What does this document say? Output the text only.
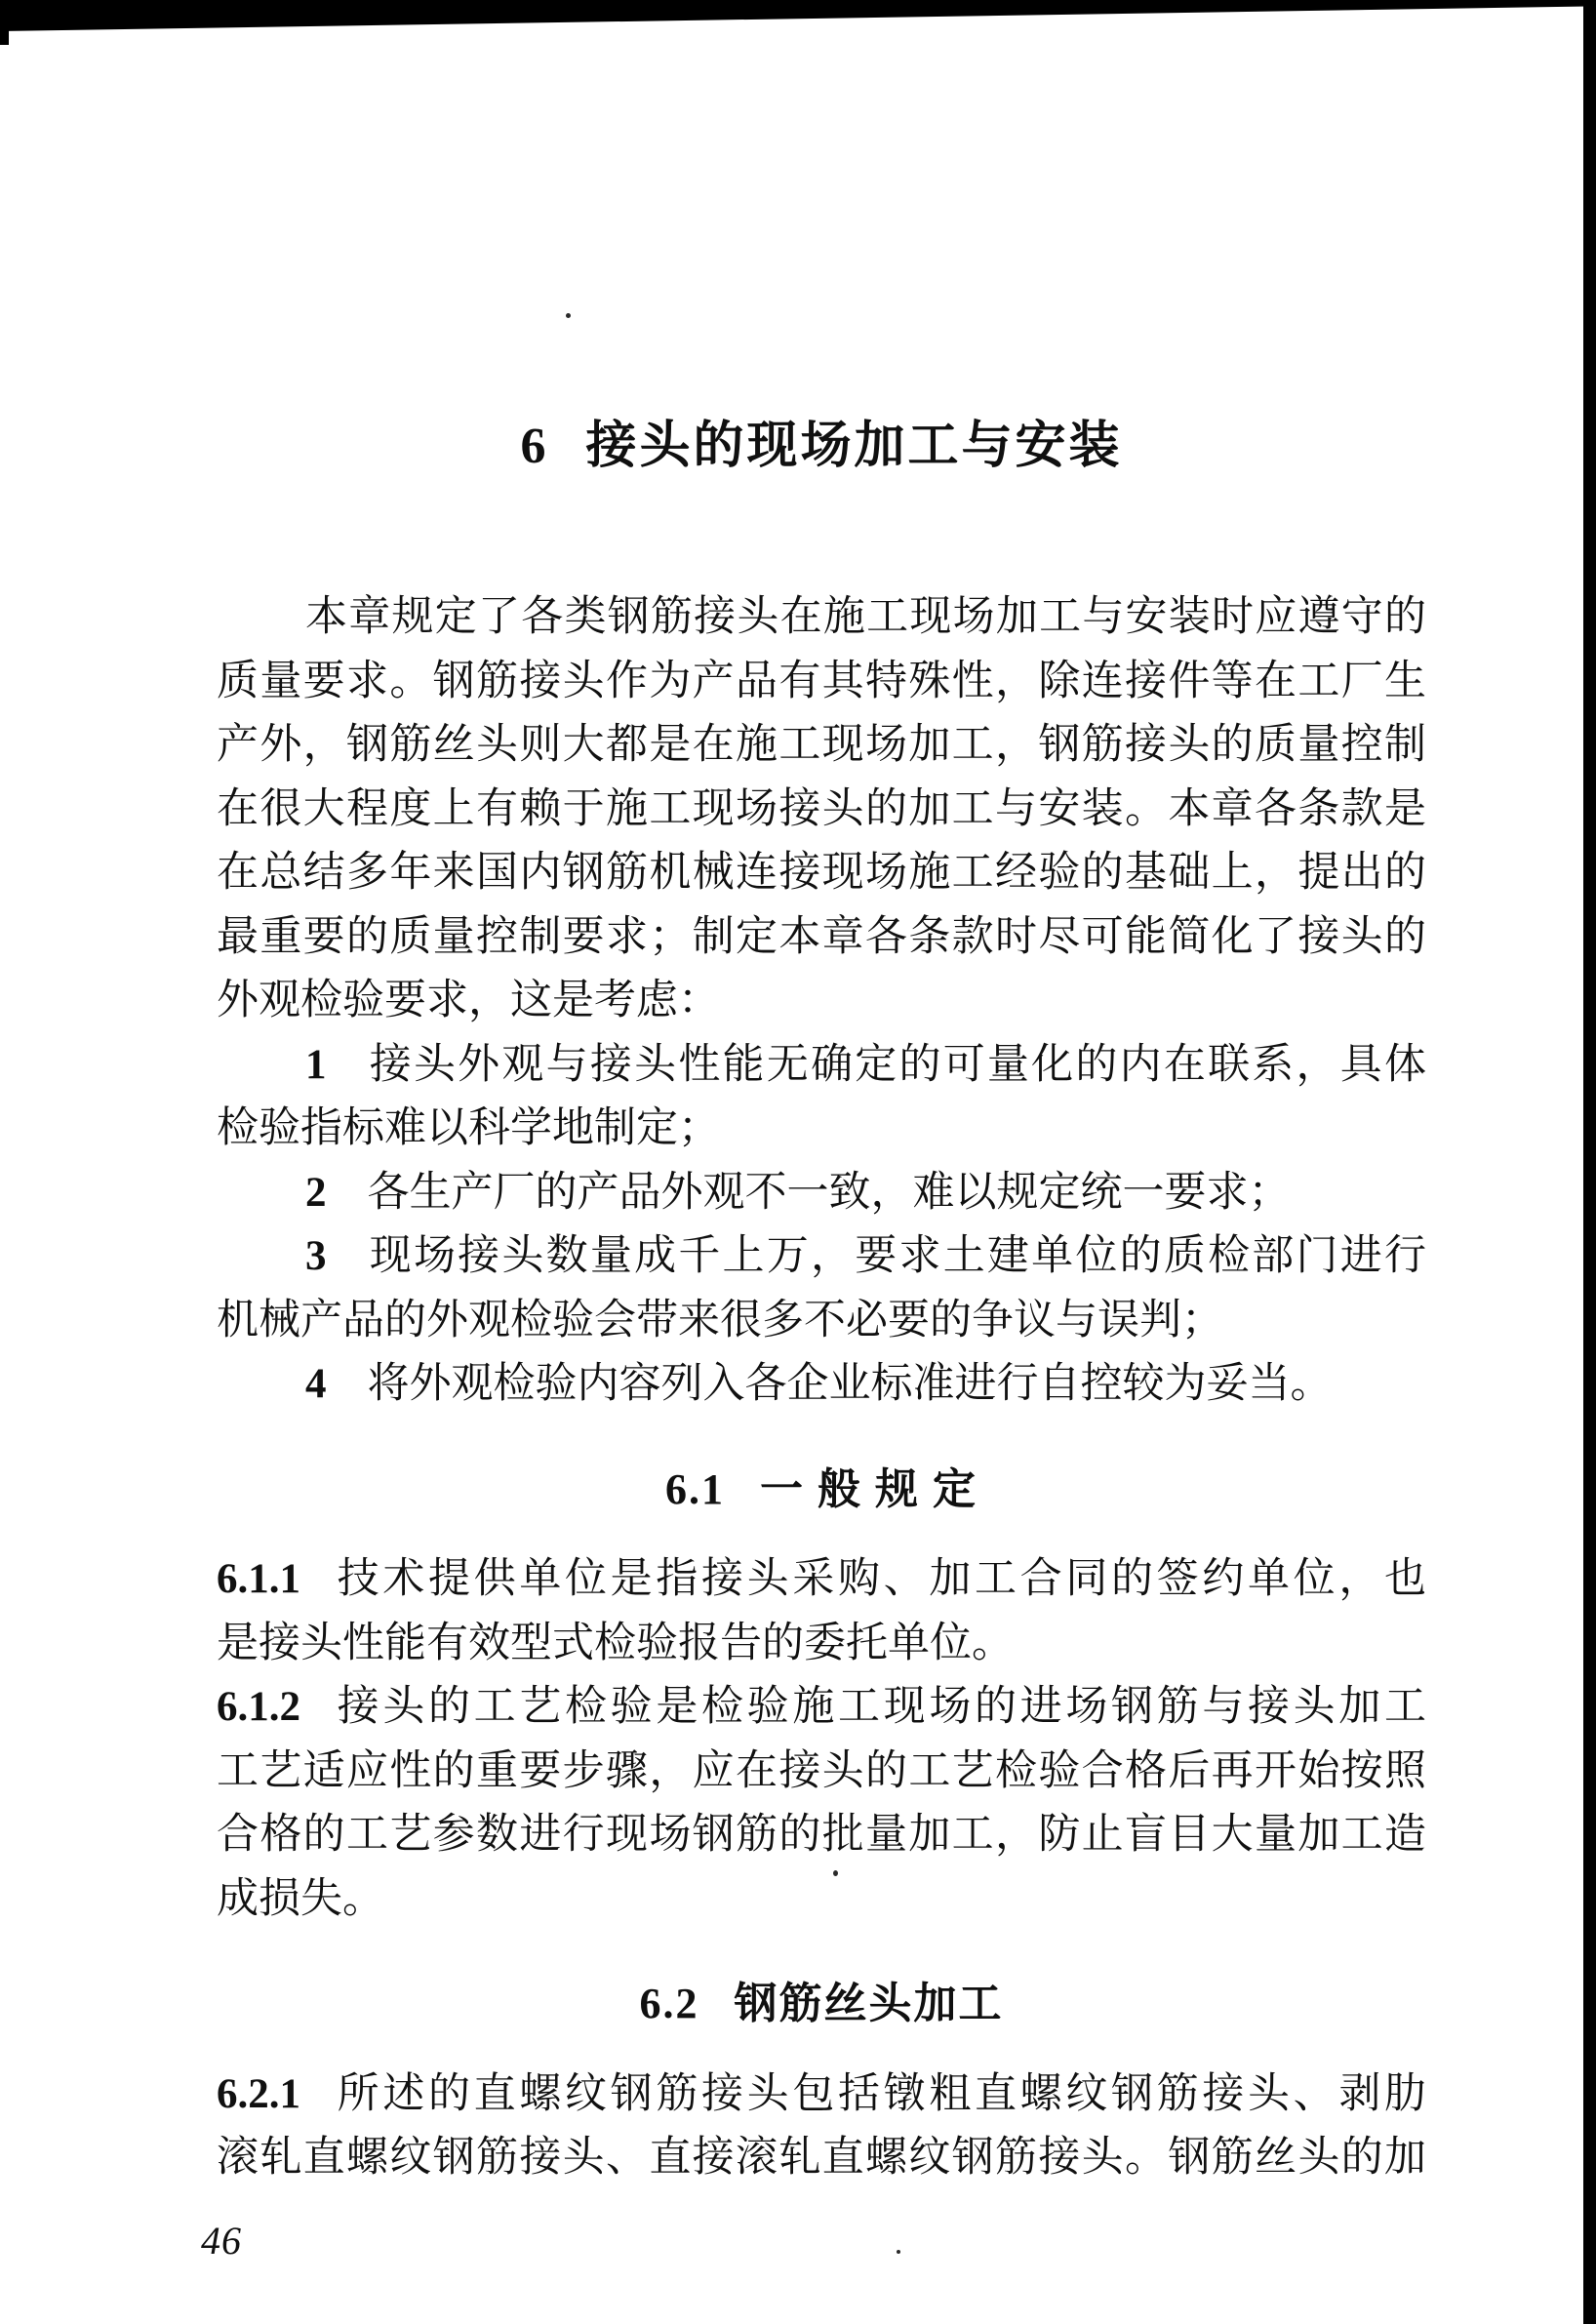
6 接头的现场加工与安装
本章规定了各类钢筋接头在施工现场加工与安装时应遵守的
质量要求。钢筋接头作为产品有其特殊性，除连接件等在工厂生
产外，钢筋丝头则大都是在施工现场加工，钢筋接头的质量控制
在很大程度上有赖于施工现场接头的加工与安装。本章各条款是
在总结多年来国内钢筋机械连接现场施工经验的基础上，提出的
最重要的质量控制要求；制定本章各条款时尽可能简化了接头的
外观检验要求，这是考虑：
1 接头外观与接头性能无确定的可量化的内在联系，具体
检验指标难以科学地制定；
2 各生产厂的产品外观不一致，难以规定统一要求；
3 现场接头数量成千上万，要求土建单位的质检部门进行
机械产品的外观检验会带来很多不必要的争议与误判；
4 将外观检验内容列入各企业标准进行自控较为妥当。
6.1 一 般 规 定
6.1.1 技术提供单位是指接头采购、加工合同的签约单位，也
是接头性能有效型式检验报告的委托单位。
6.1.2 接头的工艺检验是检验施工现场的进场钢筋与接头加工
工艺适应性的重要步骤，应在接头的工艺检验合格后再开始按照
合格的工艺参数进行现场钢筋的批量加工，防止盲目大量加工造
成损失。
6.2 钢筋丝头加工
6.2.1 所述的直螺纹钢筋接头包括镦粗直螺纹钢筋接头、剥肋
滚轧直螺纹钢筋接头、直接滚轧直螺纹钢筋接头。钢筋丝头的加
46
